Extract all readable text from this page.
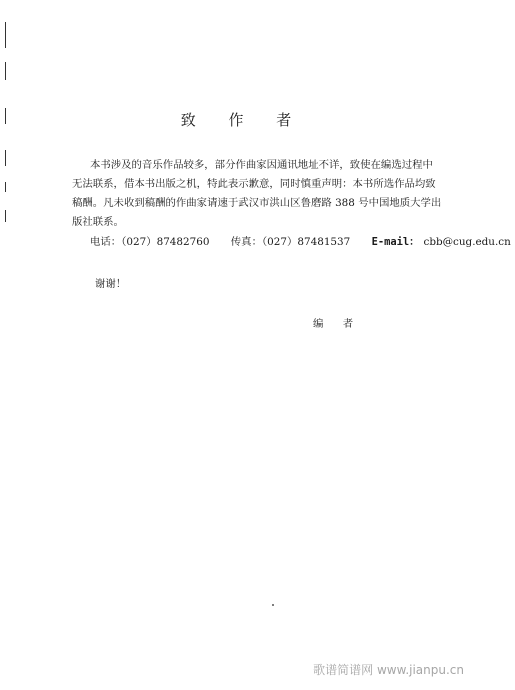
致 作 者
本书涉及的音乐作品较多，部分作曲家因通讯地址不详，致使在编选过程中
无法联系，借本书出版之机，特此表示歉意，同时慎重声明：本书所选作品均致
稿酬。凡未收到稿酬的作曲家请速于武汉市洪山区鲁磨路 388 号中国地质大学出
版社联系。
电话：（027）87482760 传真：（027）87481537 E-mail： cbb@cug.edu.cn
谢谢！
编 者
歌谱简谱网 www.jianpu.cn
